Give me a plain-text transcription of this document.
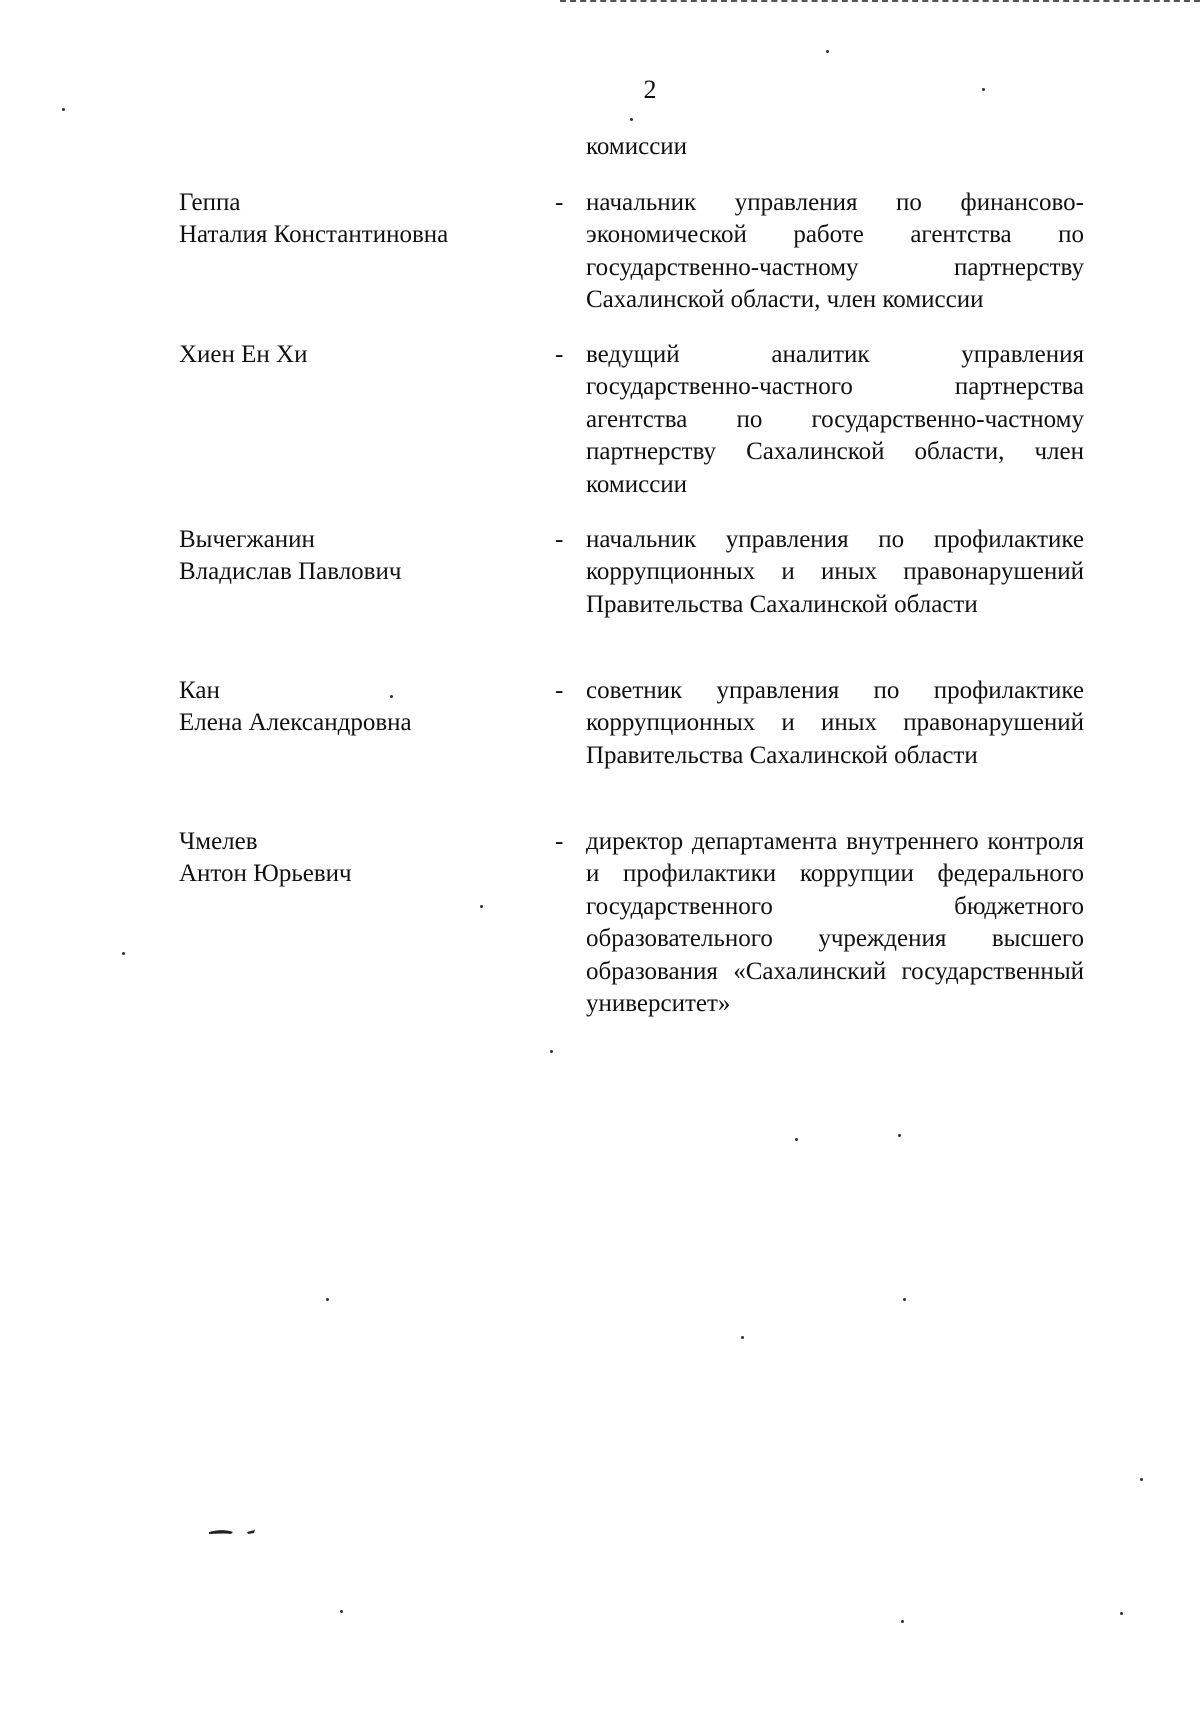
2
комиссии
Геппа
Наталия Константиновна
- начальник управления по финансово-экономической работе агентства по государственно-частному партнерству Сахалинской области, член комиссии
Хиен Ен Хи	- ведущий аналитик управления государственно-частного партнерства агентства по государственно-частному партнерству Сахалинской области, член комиссии
Вычегжанин
Владислав Павлович
- начальник управления по профилактике коррупционных и иных правонарушений Правительства Сахалинской области
Кан
Елена Александровна
- советник управления по профилактике коррупционных и иных правонарушений Правительства Сахалинской области
Чмелев
Антон Юрьевич
- директор департамента внутреннего контроля и профилактики коррупции федерального государственного бюджетного образовательного учреждения высшего образования «Сахалинский государственный университет»
